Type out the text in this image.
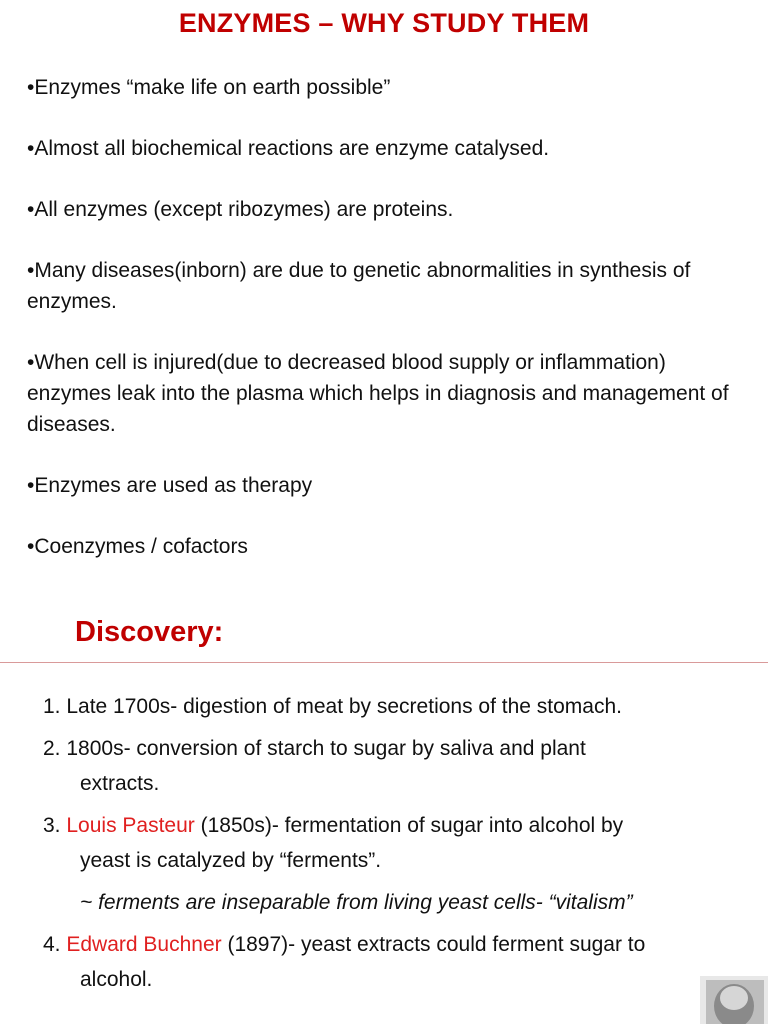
ENZYMES – WHY STUDY THEM
•Enzymes “make life on earth possible”
•Almost all biochemical reactions are enzyme catalysed.
•All enzymes (except ribozymes) are proteins.
•Many diseases(inborn) are due to genetic abnormalities in synthesis of enzymes.
•When cell is injured(due to decreased blood supply or inflammation) enzymes leak into the plasma which helps in diagnosis and management of diseases.
•Enzymes are used as therapy
•Coenzymes / cofactors
Discovery:
1. Late 1700s- digestion of meat by secretions of the stomach.
2. 1800s- conversion of starch to sugar by saliva and plant
extracts.
3. Louis Pasteur (1850s)- fermentation of sugar into alcohol by
yeast is catalyzed by “ferments”.
~ ferments are inseparable from living yeast cells- “vitalism”
4. Edward Buchner (1897)- yeast extracts could ferment sugar to
alcohol.
